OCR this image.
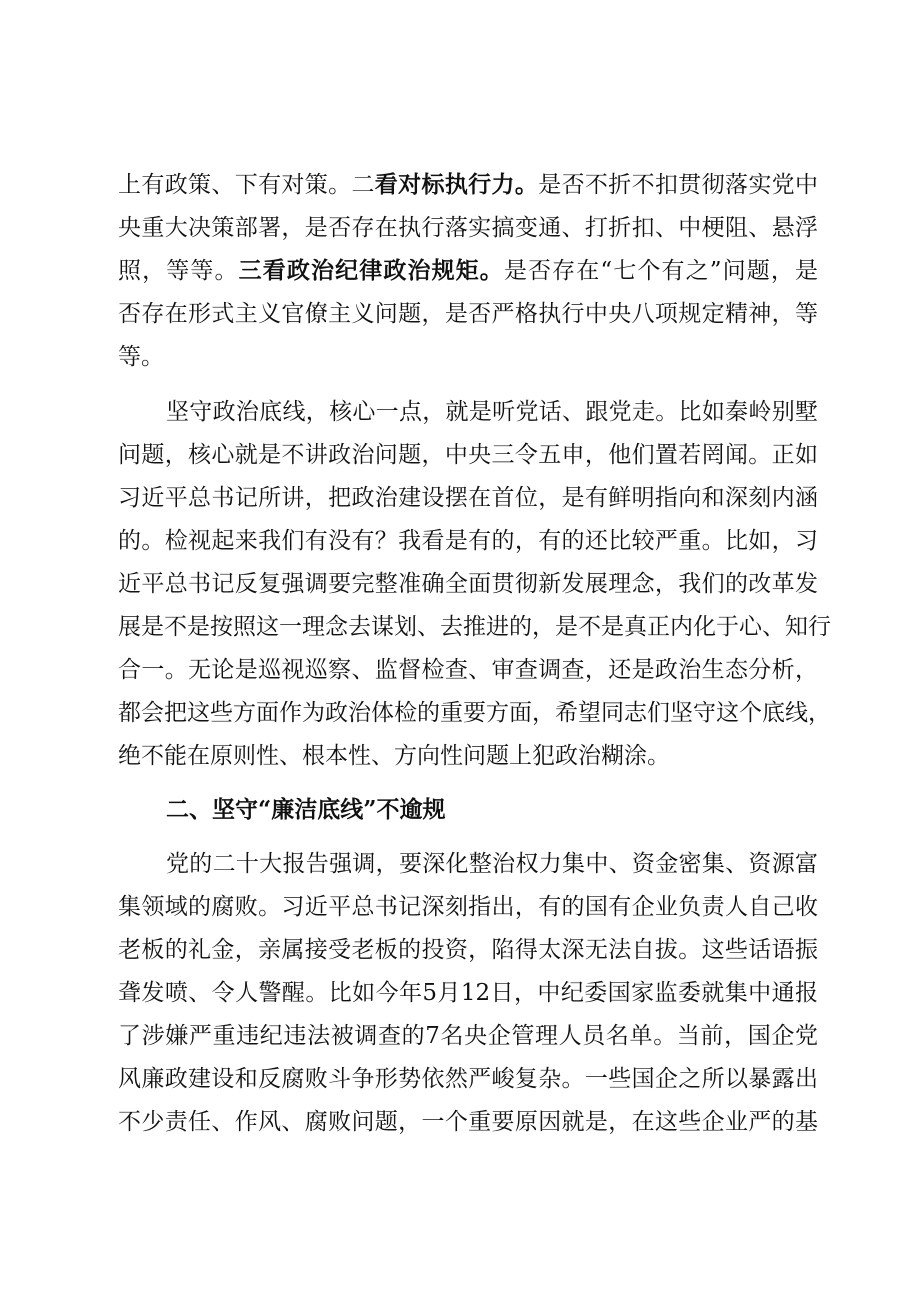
上有政策、下有对策。二看对标执行力。是否不折不扣贯彻落实党中
央重大决策部署，是否存在执行落实搞变通、打折扣、中梗阻、悬浮
照，等等。三看政治纪律政治规矩。是否存在“七个有之”问题，是
否存在形式主义官僚主义问题，是否严格执行中央八项规定精神，等
等。
坚守政治底线，核心一点，就是听党话、跟党走。比如秦岭别墅
问题，核心就是不讲政治问题，中央三令五申，他们置若罔闻。正如
习近平总书记所讲，把政治建设摆在首位，是有鲜明指向和深刻内涵
的。检视起来我们有没有？我看是有的，有的还比较严重。比如，习
近平总书记反复强调要完整准确全面贯彻新发展理念，我们的改革发
展是不是按照这一理念去谋划、去推进的，是不是真正内化于心、知行
合一。无论是巡视巡察、监督检查、审查调查，还是政治生态分析，
都会把这些方面作为政治体检的重要方面，希望同志们坚守这个底线，
绝不能在原则性、根本性、方向性问题上犯政治糊涂。
二、坚守“廉洁底线”不逾规
党的二十大报告强调，要深化整治权力集中、资金密集、资源富
集领域的腐败。习近平总书记深刻指出，有的国有企业负责人自己收
老板的礼金，亲属接受老板的投资，陷得太深无法自拔。这些话语振
聋发喷、令人警醒。比如今年5月12日，中纪委国家监委就集中通报
了涉嫌严重违纪违法被调查的7名央企管理人员名单。当前，国企党
风廉政建设和反腐败斗争形势依然严峻复杂。一些国企之所以暴露出
不少责任、作风、腐败问题，一个重要原因就是，在这些企业严的基
